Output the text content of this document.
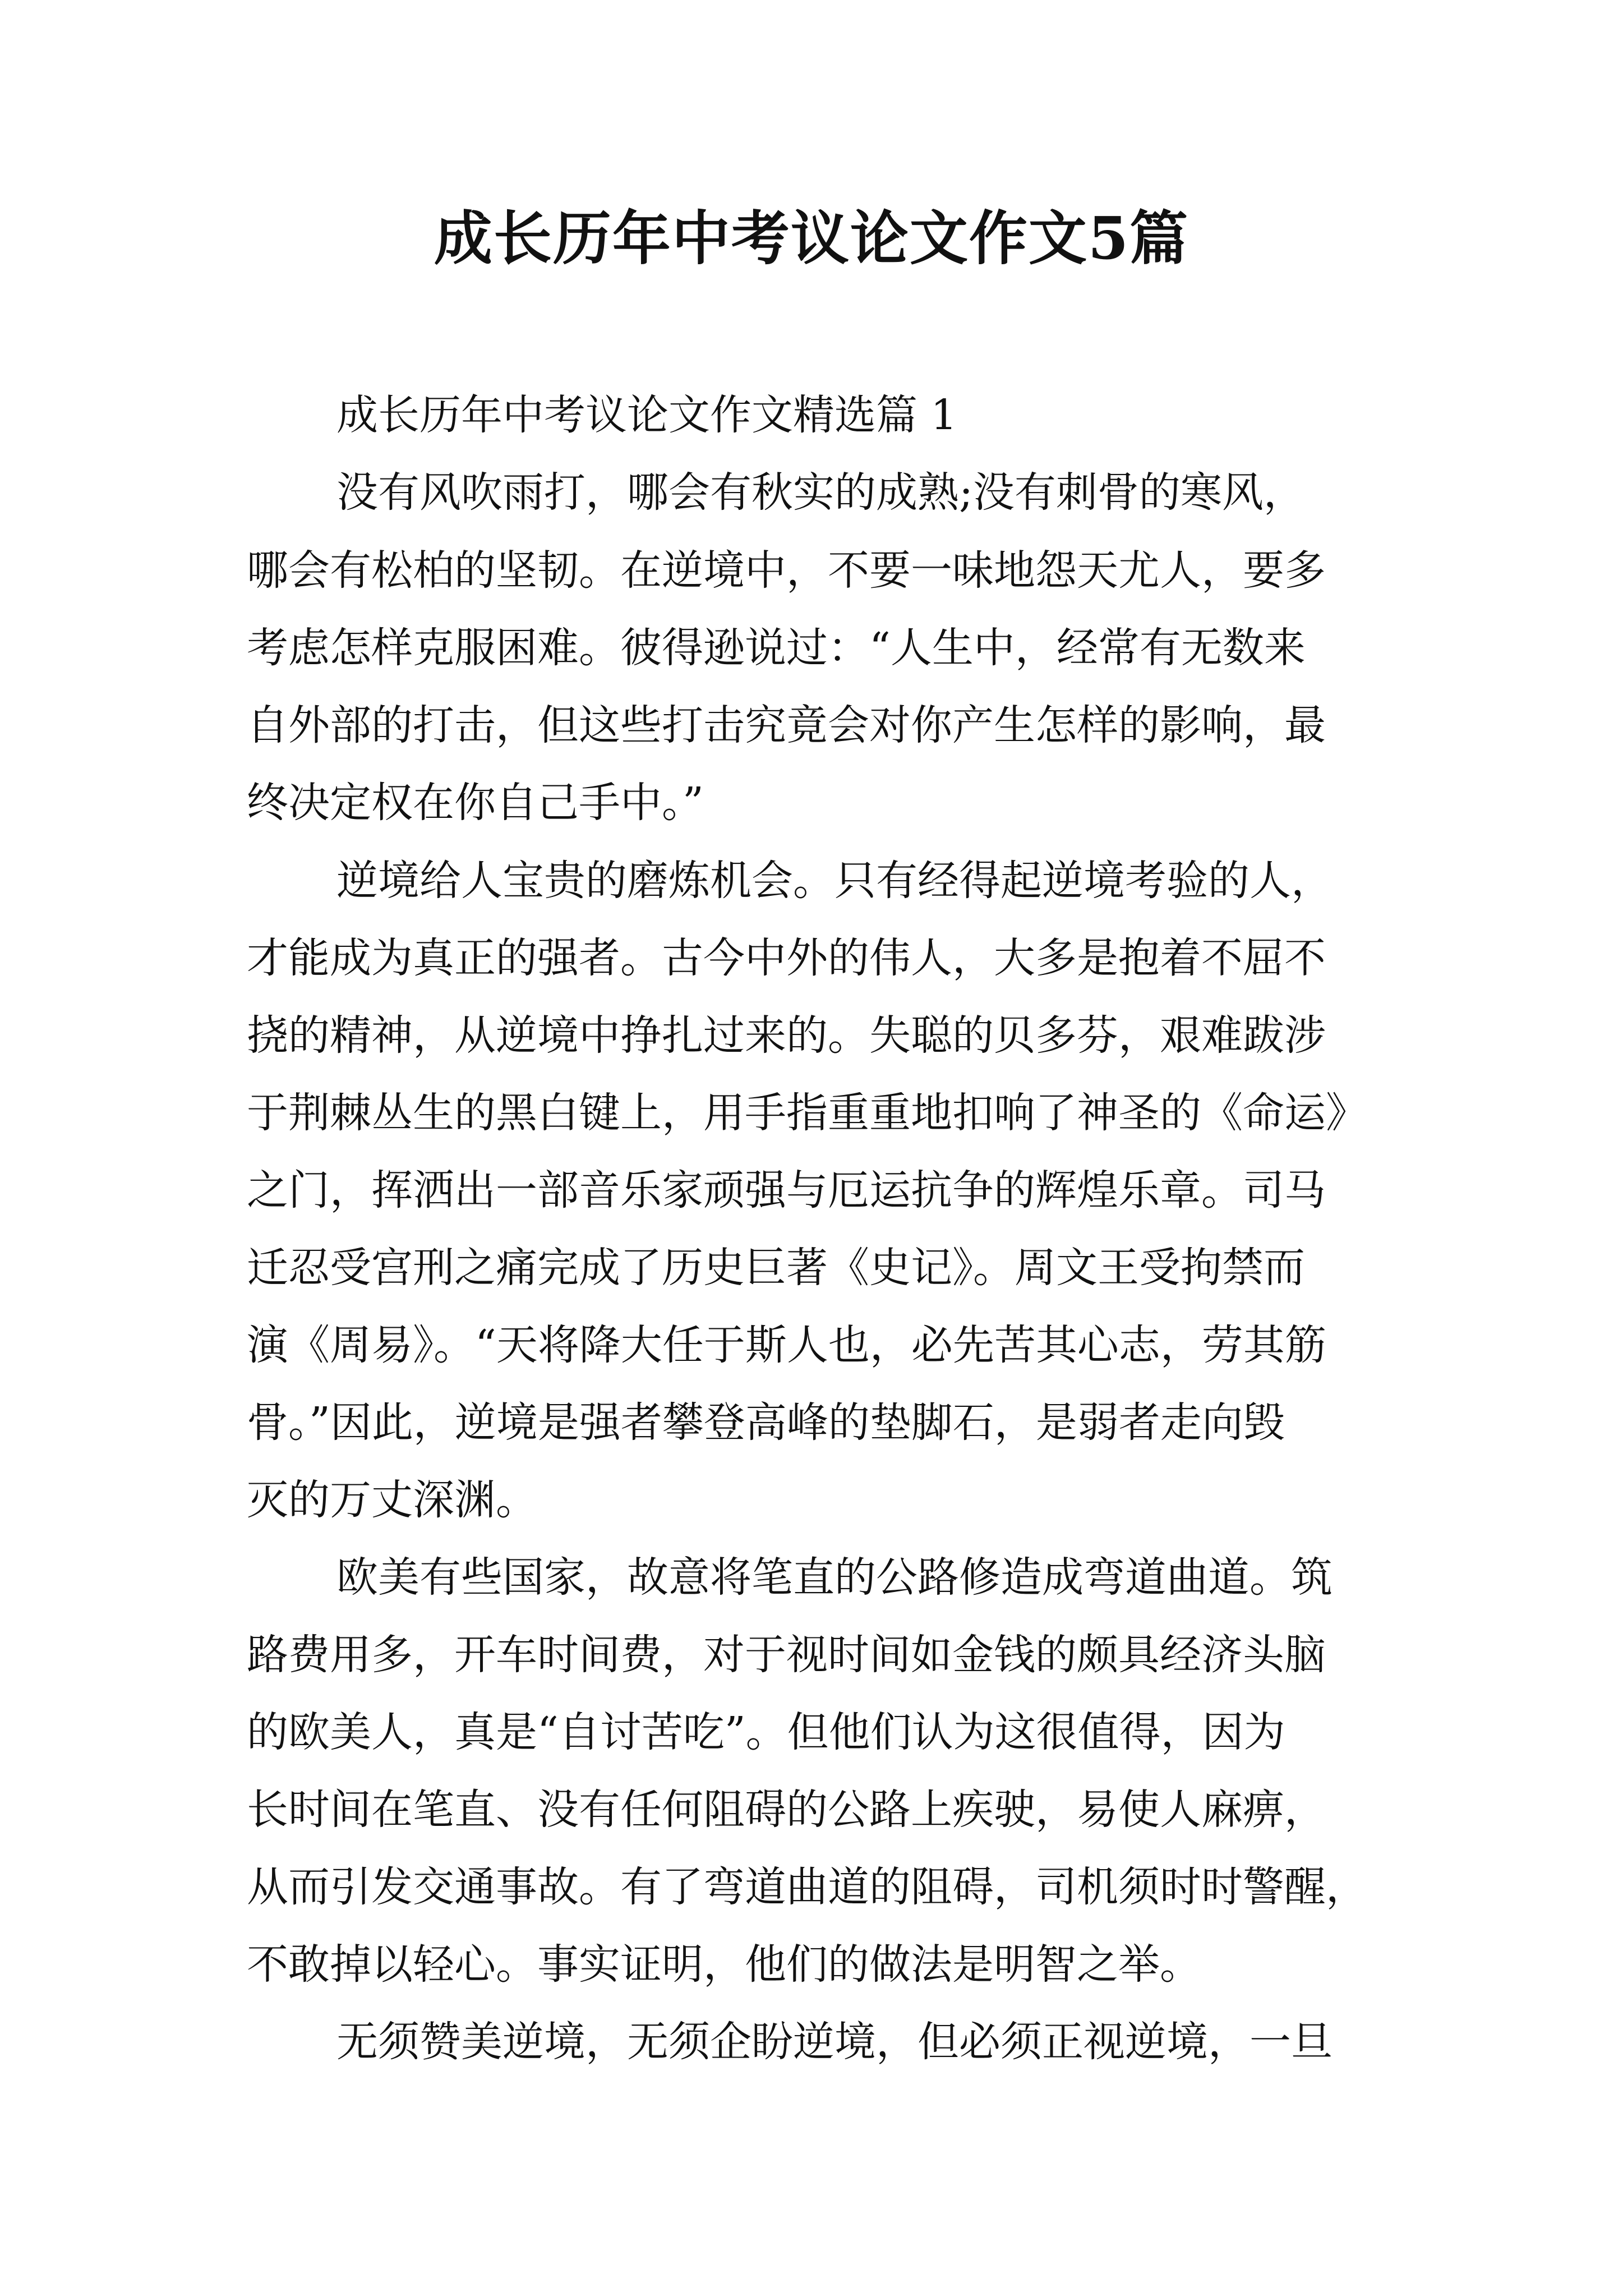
成长历年中考议论文作文5篇
成长历年中考议论文作文精选篇 1
没有风吹雨打，哪会有秋实的成熟;没有刺骨的寒风，
哪会有松柏的坚韧。在逆境中，不要一味地怨天尤人，要多
考虑怎样克服困难。彼得逊说过：“人生中，经常有无数来
自外部的打击，但这些打击究竟会对你产生怎样的影响，最
终决定权在你自己手中。”
逆境给人宝贵的磨炼机会。只有经得起逆境考验的人，
才能成为真正的强者。古今中外的伟人，大多是抱着不屈不
挠的精神，从逆境中挣扎过来的。失聪的贝多芬，艰难跋涉
于荆棘丛生的黑白键上，用手指重重地扣响了神圣的《命运》
之门，挥洒出一部音乐家顽强与厄运抗争的辉煌乐章。司马
迁忍受宫刑之痛完成了历史巨著《史记》。周文王受拘禁而
演《周易》。“天将降大任于斯人也，必先苦其心志，劳其筋
骨。”因此，逆境是强者攀登高峰的垫脚石，是弱者走向毁
灭的万丈深渊。
欧美有些国家，故意将笔直的公路修造成弯道曲道。筑
路费用多，开车时间费，对于视时间如金钱的颇具经济头脑
的欧美人，真是“自讨苦吃”。但他们认为这很值得，因为
长时间在笔直、没有任何阻碍的公路上疾驶，易使人麻痹，
从而引发交通事故。有了弯道曲道的阻碍，司机须时时警醒，
不敢掉以轻心。事实证明，他们的做法是明智之举。
无须赞美逆境，无须企盼逆境，但必须正视逆境，一旦
